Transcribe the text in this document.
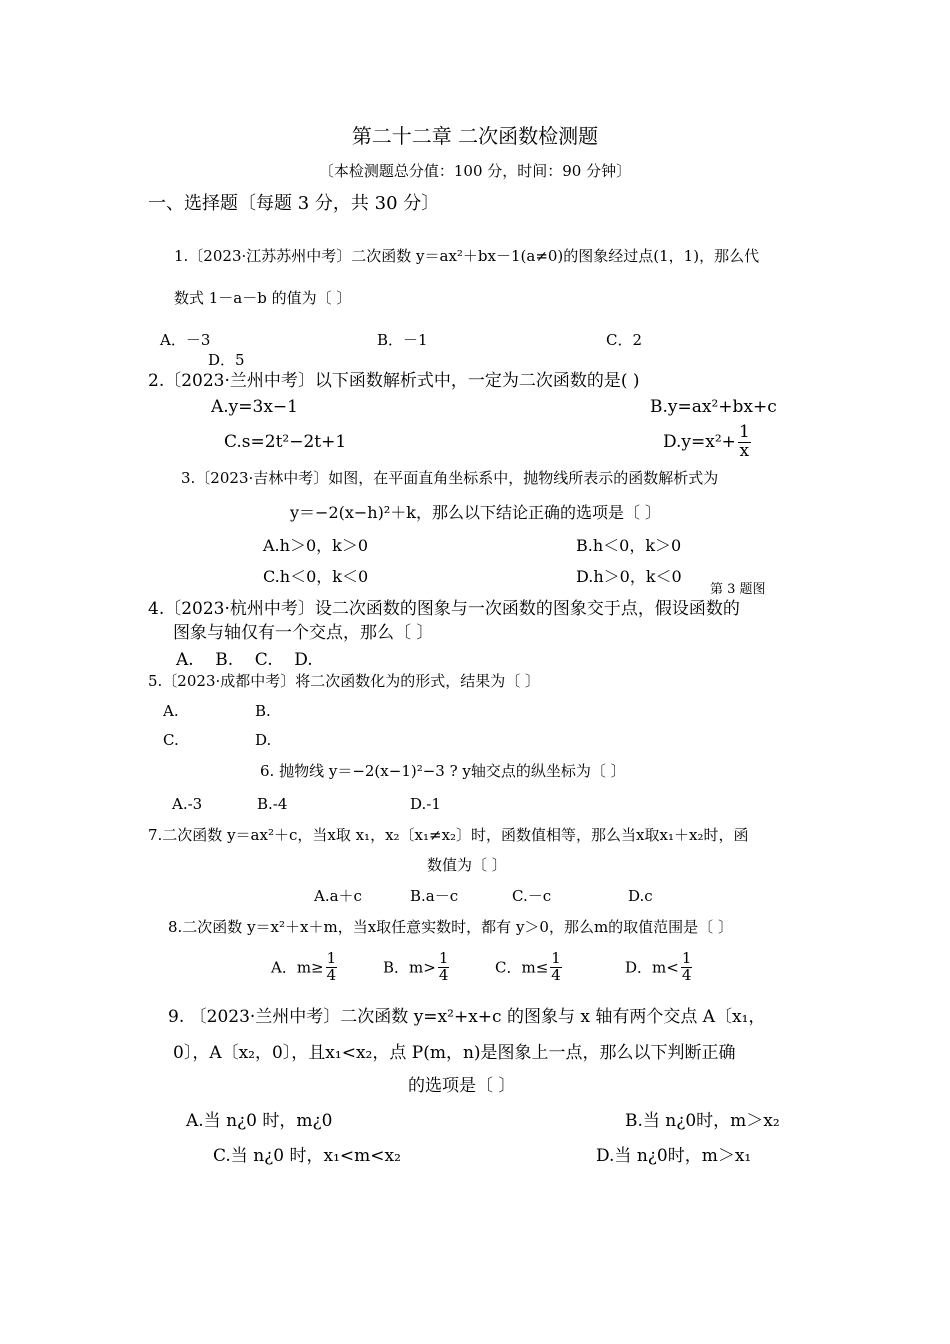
第二十二章 二次函数检测题
〔本检测题总分值：100 分，时间：90 分钟〕
一、选择题〔每题 3 分，共 30 分〕
1.〔2023·江苏苏州中考〕二次函数 y＝ax²＋bx－1(a≠0)的图象经过点(1，1)，那么代
数式 1－a－b 的值为〔 〕
A．－3	B．－1	C．2
D．5
2.〔2023·兰州中考〕以下函数解析式中，一定为二次函数的是( )
A.y=3x−1	B.y=ax²+bx+c
C.s=2t²−2t+1	$D.y=x^2+ \frac{1}{x}$
3.〔2023·吉林中考〕如图，在平面直角坐标系中，抛物线所表示的函数解析式为
y＝−2(x−h)²＋k，那么以下结论正确的选项是〔 〕
A.h＞0，k＞0	B.h＜0，k＞0
C.h＜0，k＜0	D.h＞0，k＜0
第 3 题图
4.〔2023·杭州中考〕设二次函数的图象与一次函数的图象交于点，假设函数的
图象与轴仅有一个交点，那么〔 〕
A.    B.    C.    D.
5.〔2023·成都中考〕将二次函数化为的形式，结果为〔 〕
A.	B.
C.	D.
6. 抛物线 y＝−2(x−1)²−3 ? y轴交点的纵坐标为〔 〕
A.-3	B.-4	D.-1
7.二次函数 y＝ax²＋c，当x取 x₁，x₂〔x₁≠x₂〕时，函数值相等，那么当x取x₁＋x₂时，函
数值为〔 〕
A.a＋c	B.a－c	C.－c	D.c
8.二次函数 y＝x²＋x＋m，当x取任意实数时，都有 y＞0，那么m的取值范围是〔 〕
A．$m\ge \frac{1}{4}$	B．$m> \frac{1}{4}$	C．$m\le \frac{1}{4}$	D．$m< \frac{1}{4}$
9. 〔2023·兰州中考〕二次函数 y=x²+x+c 的图象与 x 轴有两个交点 A〔x₁，
0〕，A〔x₂，0〕，且x₁<x₂，点 P(m，n)是图象上一点，那么以下判断正确
的选项是〔 〕
A.当 n¿0 时，m¿0	B.当 n¿0时，m＞x₂
C.当 n¿0 时，x₁<m<x₂	D.当 n¿0时，m＞x₁
